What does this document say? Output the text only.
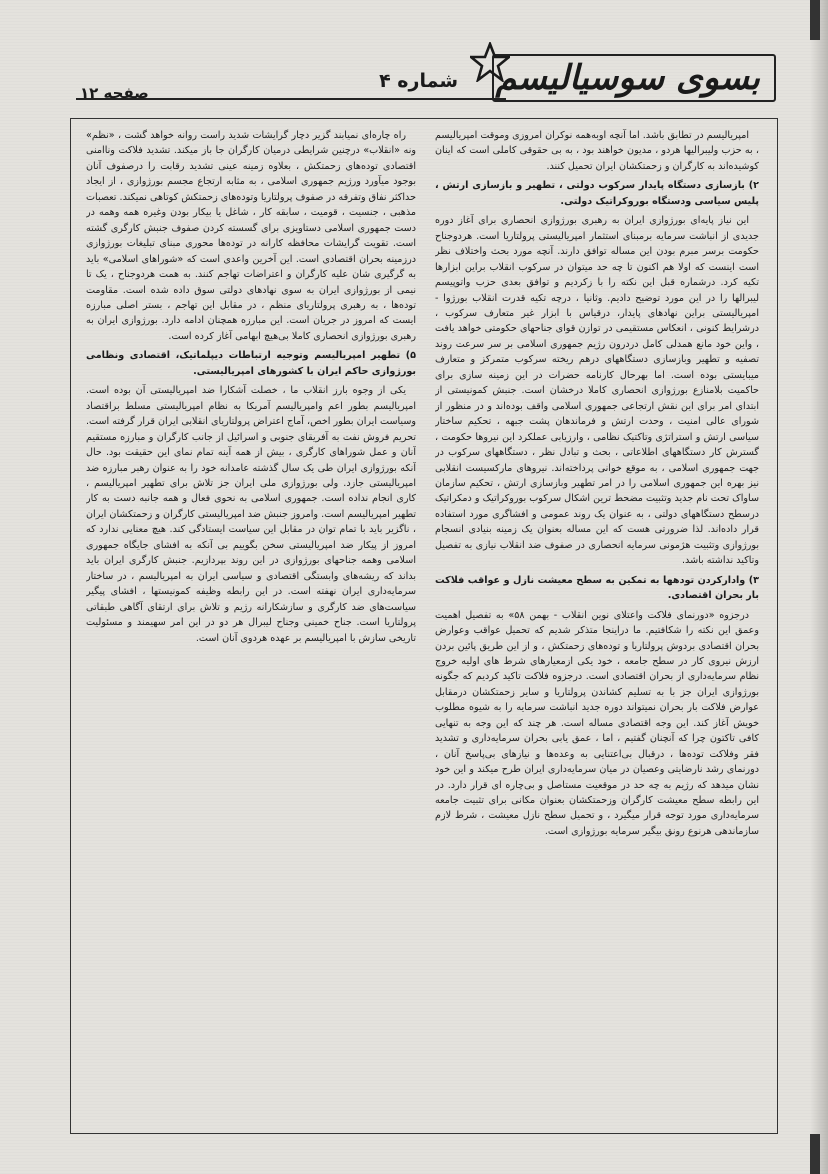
بسوی سوسیالیسم
شماره ۴
صفحه ۱۲

امپریالیسم در تطابق باشد. اما آنچه اوبه‌همه نوکران امروزی وموقت امپریالیسم ، به حزب ولیبرالیها هردو ، مدیون خواهند بود ، به بی حقوقی کاملی است که اینان کوشیده‌اند به کارگران و زحمتکشان ایران تحمیل کنند.

۲) بازسازی دستگاه پایدار سرکوب دولتی ، تطهیر و بازسازی ارتش ، پلیس سیاسی ودستگاه بوروکراتیک دولتی.

این نیاز پایه‌ای بورژوازی ایران به رهبری بورژوازی انحصاری برای آغاز دوره جدیدی از انباشت سرمایه برمبنای استثمار امپریالیستی پرولتاریا است. هردوجناح حکومت برسر مبرم بودن این مساله توافق دارند. آنچه مورد بحث واختلاف نظر است اینست که اولا هم اکنون تا چه حد میتوان در سرکوب انقلاب براین ابزارها تکیه کرد. درشماره قبل این نکته را با زکردیم و توافق بعدی حزب واتوپیسم لیبرالها را در این مورد توضیح دادیم. وثانیا ، درچه تکیه قدرت انقلاب بورژوا - امپریالیستی براین نهادهای پایدار، درقیاس با ابزار غیر متعارف سرکوب ، درشرایط کنونی ، انعکاس مستقیمی در توازن قوای جناحهای حکومتی خواهد یافت ، واین خود مانع همدلی کامل دردرون رژیم جمهوری اسلامی بر سر سرعت روند تصفیه و تطهیر وبازسازی دستگاههای درهم ریخته سرکوب متمرکز و متعارف میبایستی بوده است. اما بهرحال کارنامه حضرات در این زمینه سازی برای حاکمیت بلامنازع بورژوازی انحصاری کاملا درخشان است. جنبش کمونیستی از ابتدای امر برای این نقش ارتجاعی جمهوری اسلامی واقف بوده‌اند و در منظور از شورای عالی امنیت ، وحدت ارتش و فرماندهان پشت جبهه ، تحکیم ساختار سیاسی ارتش و استراتژی وتاکتیک نظامی ، وارزیابی عملکرد این نیروها حکومت ، گسترش کار دستگاههای اطلاعاتی ، بحث و تبادل نظر ، دستگاههای سرکوب در جهت جمهوری اسلامی ، به موقع خوانی پرداخته‌اند. نیروهای مارکسیست انقلابی نیز بهره این جمهوری اسلامی را در امر تطهیر وبازسازی ارتش ، تحکیم سازمان ساواک تحت نام جدید وتثبیت مضحط ترین اشکال سرکوب بوروکراتیک و دمکراتیک درسطح دستگاههای دولتی ، به عنوان یک روند عمومی و افشاگری مورد استفاده قرار داده‌اند. لذا ضرورتی هست که این مساله بعنوان یک زمینه بنیادی انسجام بورژوازی وتثبیت هژمونی سرمایه انحصاری در صفوف ضد انقلاب نیازی به تفصیل وتاکید نداشته باشد.

۳) واداركردن تودهها به تمکین به سطح معیشت نازل و عواقب فلاکت بار بحران اقتصادی.

درجزوه «دورنمای فلاکت واعتلای نوین انقلاب - بهمن ۵۸» به تفصیل اهمیت وعمق این نکته را شکافتیم. ما دراینجا متذکر شدیم که تحمیل عواقب وعوارض بحران اقتصادی بردوش پرولتاریا و توده‌های زحمتکش ، و از این طریق پائین بردن ارزش نیروی کار در سطح جامعه ، خود یکی ازمعیارهای شرط های اولیه خروج نظام سرمایه‌داری از بحران اقتصادی است. درجزوه فلاکت تاکید کردیم که جگونه بورژوازی ایران جز با به تسلیم کشاندن پرولتاریا و سایر زحمتکشان درمقابل عوارض فلاکت بار بحران نمیتواند دوره جدید انباشت سرمایه را به شیوه مطلوب خویش آغاز کند. این وجه اقتصادی مساله است. هر چند که این وجه به تنهایی کافی تاکتون چرا که آنچنان گفتیم ، اما ، عمق یابی بحران سرمایه‌داری و تشدید فقر وفلاکت توده‌ها ، درقبال بی‌اعتنایی به وعده‌ها و نیازهای بی‌پاسخ آنان ، دورنمای رشد نارضایتی وعصیان در میان سرمایه‌داری ایران طرح میکند و این خود نشان میدهد که رژیم به چه حد در موقعیت مستاصل و بی‌چاره ای قرار دارد. در این رابطه سطح معیشت کارگران وزحمتکشان بعنوان مکانی برای تثبیت جامعه سرمایه‌داری مورد توجه قرار میگیرد ، و تحمیل سطح نازل معیشت ، شرط لازم سازماندهی هرنوع رونق بیگیر سرمایه بورژوازی است.

راه چاره‌ای نمیابند گزیر دچار گرایشات شدید راست روانه خواهد گشت ، «نظم» ونه «انقلاب» درچنین شرایطی درمیان کارگران جا باز میکند. تشدید فلاکت وناامنی اقتصادی توده‌های زحمتکش ، بعلاوه زمینه عینی تشدید رقابت را درصفوف آنان بوجود میآورد ورژیم جمهوری اسلامی ، به مثابه ارتجاع مجسم بورژوازی ، از ایجاد حداکثر نفاق وتفرقه در صفوف پرولتاریا وتوده‌های زحمتکش کوتاهی نمیکند. تعصبات مذهبی ، جنسیت ، قومیت ، سابقه کار ، شاغل یا بیکار بودن وغیره همه وهمه در دست جمهوری اسلامی دستاویزی برای گسسته کردن صفوف جنبش کارگری گشته است. تقویت گرایشات محافظه کارانه در توده‌ها محوری مبنای تبلیغات بورژوازی درزمینه بحران اقتصادی است. این آخرین واعدی است که «شوراهای اسلامی» باید به گرگیری شان علیه کارگران و اعتراضات تهاجم کنند. به همت هردوجناح ، یک تا نیمی از بورژوازی ایران به سوی نهادهای دولتی سوق داده شده است. مقاومت توده‌ها ، به رهبری پرولتاریای منظم ، در مقابل این تهاجم ، بستر اصلی مبارزه ایست که امروز در جریان است. این مبارزه همچنان ادامه دارد. بورژوازی ایران به رهبری بورژوازی انحصاری کاملا بی‌هیچ ابهامی آغاز کرده است.

۵) تطهیر امپریالیسم وتوجیه ارتباطات دیپلماتیک، اقتصادی ونظامی بورژوازی حاکم ایران با کشورهای امپریالیستی.

یکی از وجوه بارز انقلاب ما ، خصلت آشکارا ضد امپریالیستی آن بوده است. امپریالیسم بطور اعم وامپریالیسم آمریکا به نظام امپریالیستی مسلط براقتصاد وسیاست ایران بطور اخص، آماج اعتراض پرولتاریای انقلابی ایران قرار گرفته است. تحریم فروش نفت به آفریقای جنوبی و اسرائیل از جانب کارگران و مبارزه مستقیم آنان و عمل شوراهای کارگری ، بیش از همه آینه تمام نمای این حقیقت بود. حال آنکه بورژوازی ایران طی یک سال گذشته عامدانه خود را به عنوان رهبر مبارزه ضد امپریالیستی جازد. ولی بورژوازی ملی ایران جز تلاش برای تطهیر امپریالیسم ، کاری انجام نداده است. جمهوری اسلامی به نحوی فعال و همه جانبه دست به کار تطهیر امپریالیسم است. وامروز جنبش ضد امپریالیستی کارگران و زحمتکشان ایران ، ناگزیر باید با تمام توان در مقابل این سیاست ایستادگی کند. هیچ معنایی ندارد که امروز از پیکار ضد امپریالیستی سخن بگوییم بی آنکه به افشای جایگاه جمهوری اسلامی وهمه جناحهای بورژوازی در این روند بپردازیم. جنبش کارگری ایران باید بداند که ریشه‌های وابستگی اقتصادی و سیاسی ایران به امپریالیسم ، در ساختار سرمایه‌داری ایران نهفته است. در این رابطه وظیفه کمونیستها ، افشای پیگیر سیاست‌های ضد کارگری و سازشکارانه رژیم و تلاش برای ارتقای آگاهی طبقاتی پرولتاریا است. جناح خمینی وجناح لیبرال هر دو در این امر سهیمند و مسئولیت تاریخی سازش با امپریالیسم بر عهده هردوی آنان است.
